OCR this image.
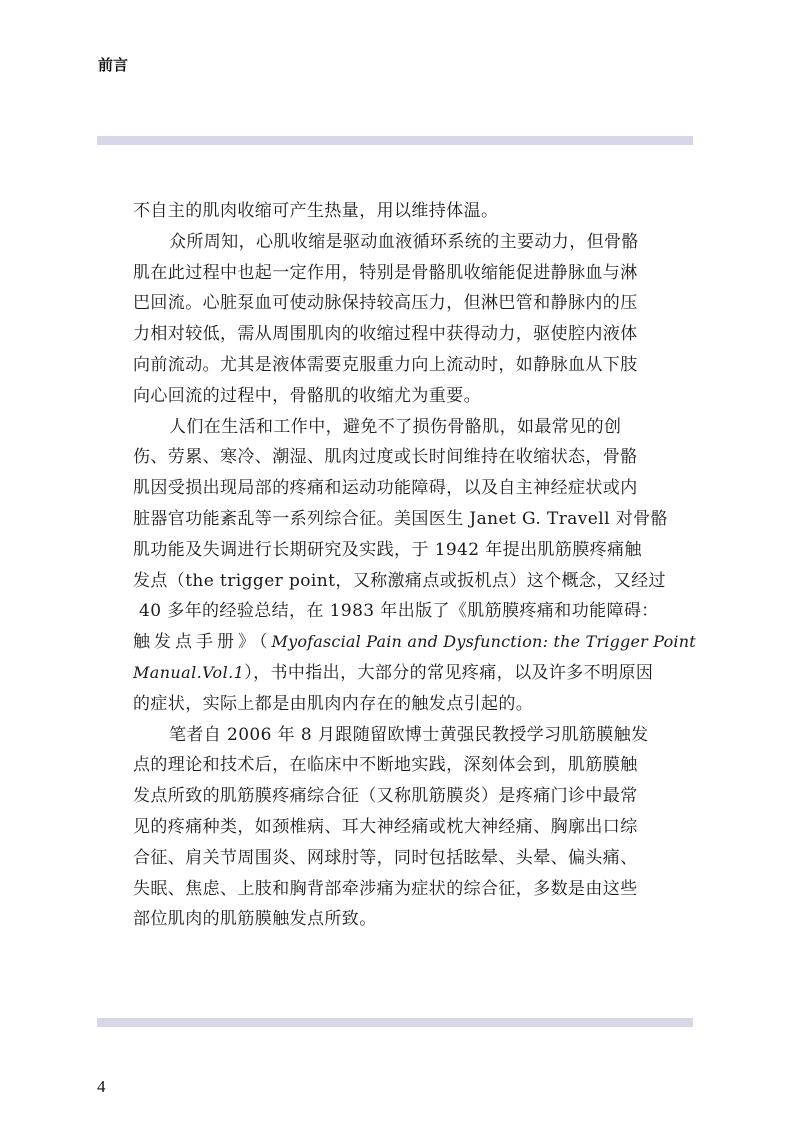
前言
不自主的肌肉收缩可产生热量，用以维持体温。
众所周知，心肌收缩是驱动血液循环系统的主要动力，但骨骼
肌在此过程中也起一定作用，特别是骨骼肌收缩能促进静脉血与淋
巴回流。心脏泵血可使动脉保持较高压力，但淋巴管和静脉内的压
力相对较低，需从周围肌肉的收缩过程中获得动力，驱使腔内液体
向前流动。尤其是液体需要克服重力向上流动时，如静脉血从下肢
向心回流的过程中，骨骼肌的收缩尤为重要。
人们在生活和工作中，避免不了损伤骨骼肌，如最常见的创
伤、劳累、寒冷、潮湿、肌肉过度或长时间维持在收缩状态，骨骼
肌因受损出现局部的疼痛和运动功能障碍，以及自主神经症状或内
脏器官功能紊乱等一系列综合征。美国医生 Janet G. Travell 对骨骼
肌功能及失调进行长期研究及实践，于 1942 年提出肌筋膜疼痛触
发点（the trigger point，又称激痛点或扳机点）这个概念，又经过
40 多年的经验总结，在 1983 年出版了《肌筋膜疼痛和功能障碍：
触发点手册》（Myofascial Pain and Dysfunction: the Trigger Point
Manual.Vol.1），书中指出，大部分的常见疼痛，以及许多不明原因
的症状，实际上都是由肌肉内存在的触发点引起的。
笔者自 2006 年 8 月跟随留欧博士黄强民教授学习肌筋膜触发
点的理论和技术后，在临床中不断地实践，深刻体会到，肌筋膜触
发点所致的肌筋膜疼痛综合征（又称肌筋膜炎）是疼痛门诊中最常
见的疼痛种类，如颈椎病、耳大神经痛或枕大神经痛、胸廓出口综
合征、肩关节周围炎、网球肘等，同时包括眩晕、头晕、偏头痛、
失眠、焦虑、上肢和胸背部牵涉痛为症状的综合征，多数是由这些
部位肌肉的肌筋膜触发点所致。
4
